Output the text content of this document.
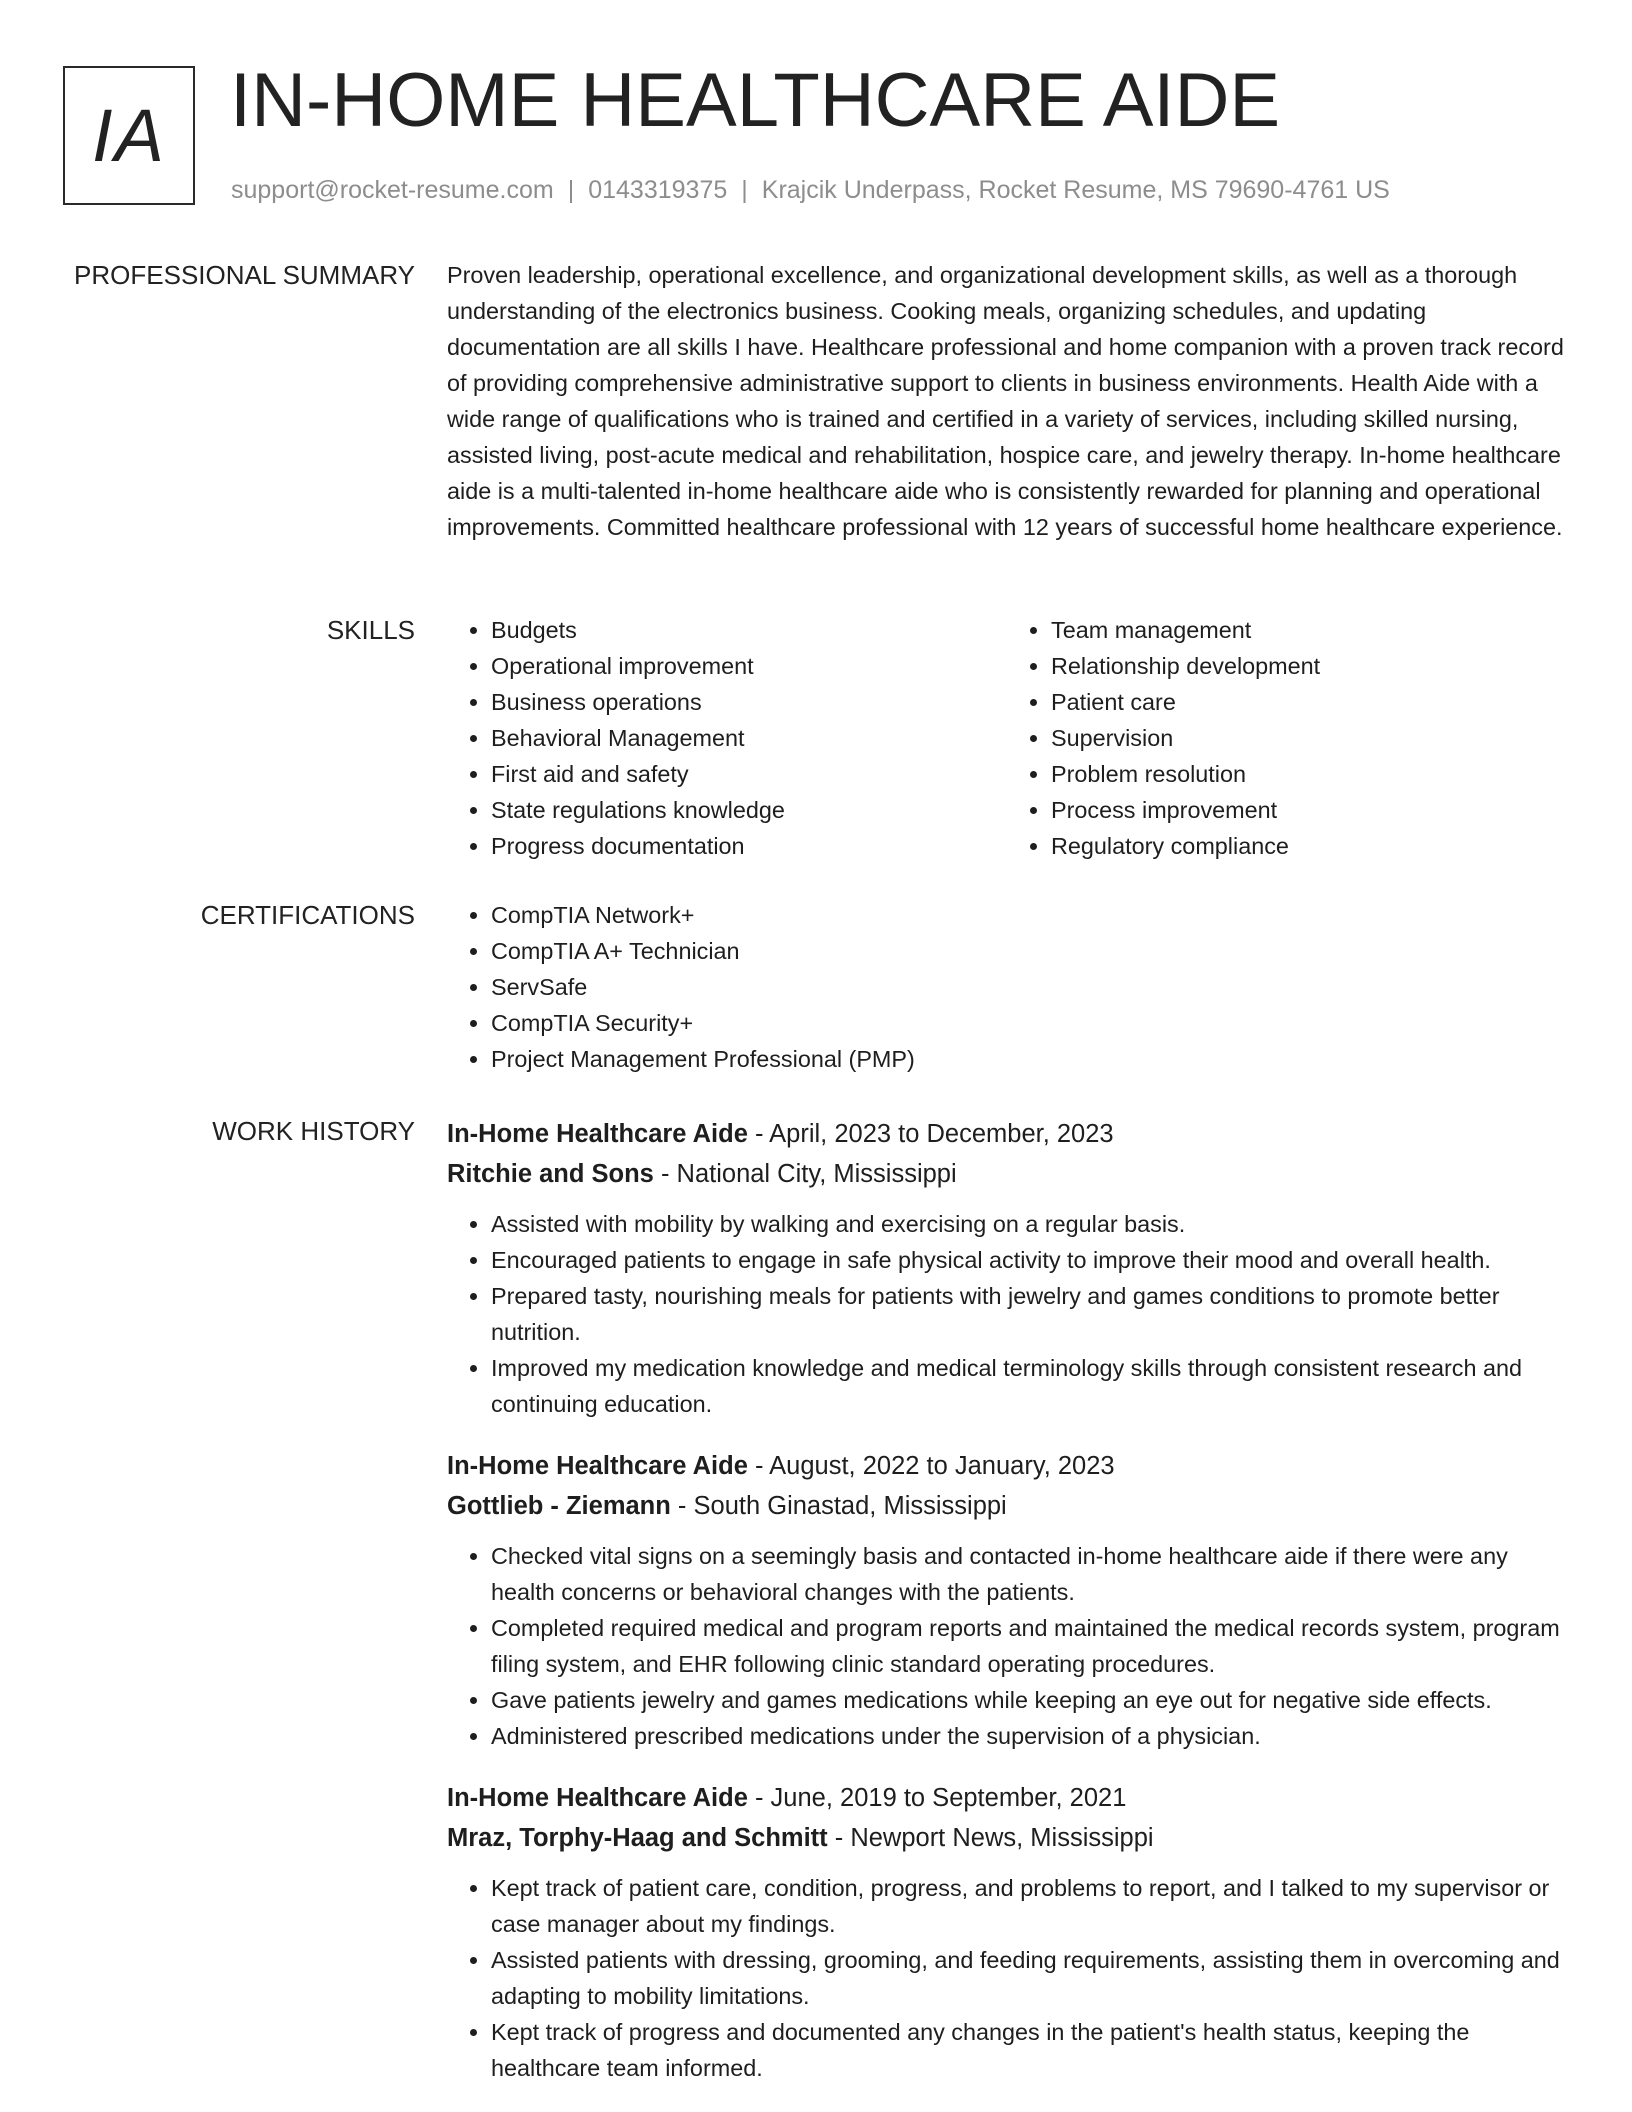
IA IN-HOME HEALTHCARE AIDE
support@rocket-resume.com | 0143319375 | Krajcik Underpass, Rocket Resume, MS 79690-4761 US
PROFESSIONAL SUMMARY Proven leadership, operational excellence, and organizational development skills, as well as a thorough understanding of the electronics business. Cooking meals, organizing schedules, and updating documentation are all skills I have. Healthcare professional and home companion with a proven track record of providing comprehensive administrative support to clients in business environments. Health Aide with a wide range of qualifications who is trained and certified in a variety of services, including skilled nursing, assisted living, post-acute medical and rehabilitation, hospice care, and jewelry therapy. In-home healthcare aide is a multi-talented in-home healthcare aide who is consistently rewarded for planning and operational improvements. Committed healthcare professional with 12 years of successful home healthcare experience.

SKILLS	• Budgets
• Operational improvement
• Business operations
• Behavioral Management
• First aid and safety
• State regulations knowledge
• Progress documentation
• Team management
• Relationship development
• Patient care
• Supervision
• Problem resolution
• Process improvement
• Regulatory compliance
CERTIFICATIONS	• CompTIA Network+
• CompTIA A+ Technician
• ServSafe
• CompTIA Security+
• Project Management Professional (PMP)
WORK HISTORY In-Home Healthcare Aide - April, 2023 to December, 2023
Ritchie and Sons - National City, Mississippi
• Assisted with mobility by walking and exercising on a regular basis.
• Encouraged patients to engage in safe physical activity to improve their mood and overall health.
• Prepared tasty, nourishing meals for patients with jewelry and games conditions to promote better nutrition.
• Improved my medication knowledge and medical terminology skills through consistent research and continuing education.
In-Home Healthcare Aide - August, 2022 to January, 2023
Gottlieb - Ziemann - South Ginastad, Mississippi
• Checked vital signs on a seemingly basis and contacted in-home healthcare aide if there were any health concerns or behavioral changes with the patients.
• Completed required medical and program reports and maintained the medical records system, program filing system, and EHR following clinic standard operating procedures.
• Gave patients jewelry and games medications while keeping an eye out for negative side effects.
• Administered prescribed medications under the supervision of a physician.
In-Home Healthcare Aide - June, 2019 to September, 2021
Mraz, Torphy-Haag and Schmitt - Newport News, Mississippi
• Kept track of patient care, condition, progress, and problems to report, and I talked to my supervisor or case manager about my findings.
• Assisted patients with dressing, grooming, and feeding requirements, assisting them in overcoming and adapting to mobility limitations.
• Kept track of progress and documented any changes in the patient's health status, keeping the healthcare team informed.
